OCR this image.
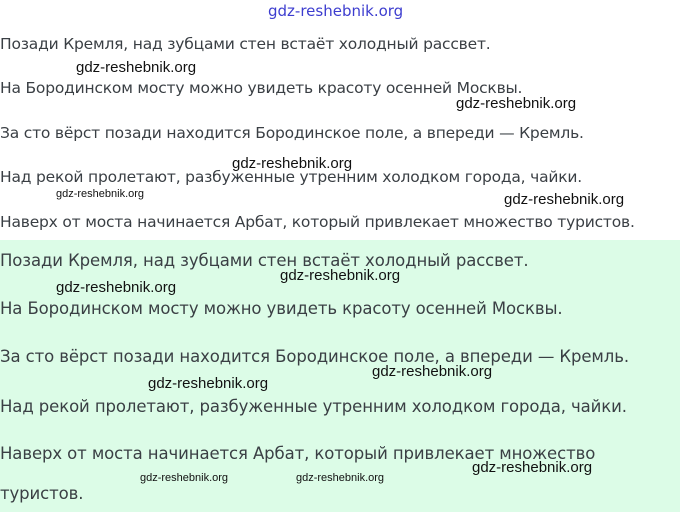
gdz-reshebnik.org
Позади Кремля, над зубцами стен встаёт холодный рассвет.
На Бородинском мосту можно увидеть красоту осенней Москвы.
За сто вёрст позади находится Бородинское поле, а впереди — Кремль.
Над рекой пролетают, разбуженные утренним холодком города, чайки.
Наверх от моста начинается Арбат, который привлекает множество туристов.
Позади Кремля, над зубцами стен встаёт холодный рассвет.
На Бородинском мосту можно увидеть красоту осенней Москвы.
За сто вёрст позади находится Бородинское поле, а впереди — Кремль.
Над рекой пролетают, разбуженные утренним холодком города, чайки.
Наверх от моста начинается Арбат, который привлекает множество
туристов.
gdz-reshebnik.org
gdz-reshebnik.org
gdz-reshebnik.org
gdz-reshebnik.org	gdz-reshebnik.org
gdz-reshebnik.org
gdz-reshebnik.org
gdz-reshebnik.org
gdz-reshebnik.org
gdz-reshebnik.org
gdz-reshebnik.org	gdz-reshebnik.org
